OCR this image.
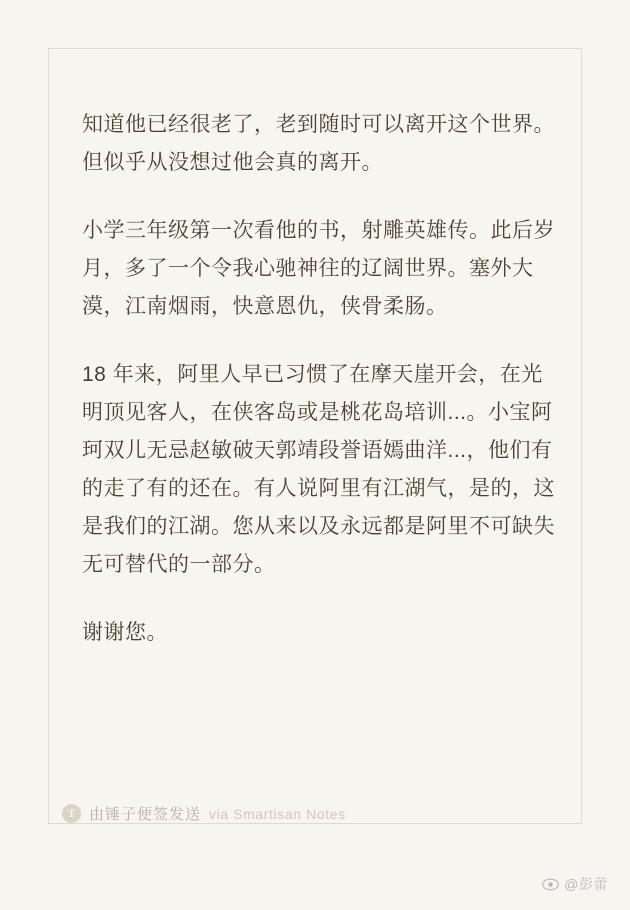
知道他已经很老了，老到随时可以离开这个世界。但似乎从没想过他会真的离开。

小学三年级第一次看他的书，射雕英雄传。此后岁月，多了一个令我心驰神往的辽阔世界。塞外大漠，江南烟雨，快意恩仇，侠骨柔肠。

18 年来，阿里人早已习惯了在摩天崖开会，在光明顶见客人，在侠客岛或是桃花岛培训...。小宝阿珂双儿无忌赵敏破天郭靖段誉语嫣曲洋...，他们有的走了有的还在。有人说阿里有江湖气，是的，这是我们的江湖。您从来以及永远都是阿里不可缺失无可替代的一部分。

谢谢您。

T 由锤子便签发送 via Smartisan Notes
@彭蕾
